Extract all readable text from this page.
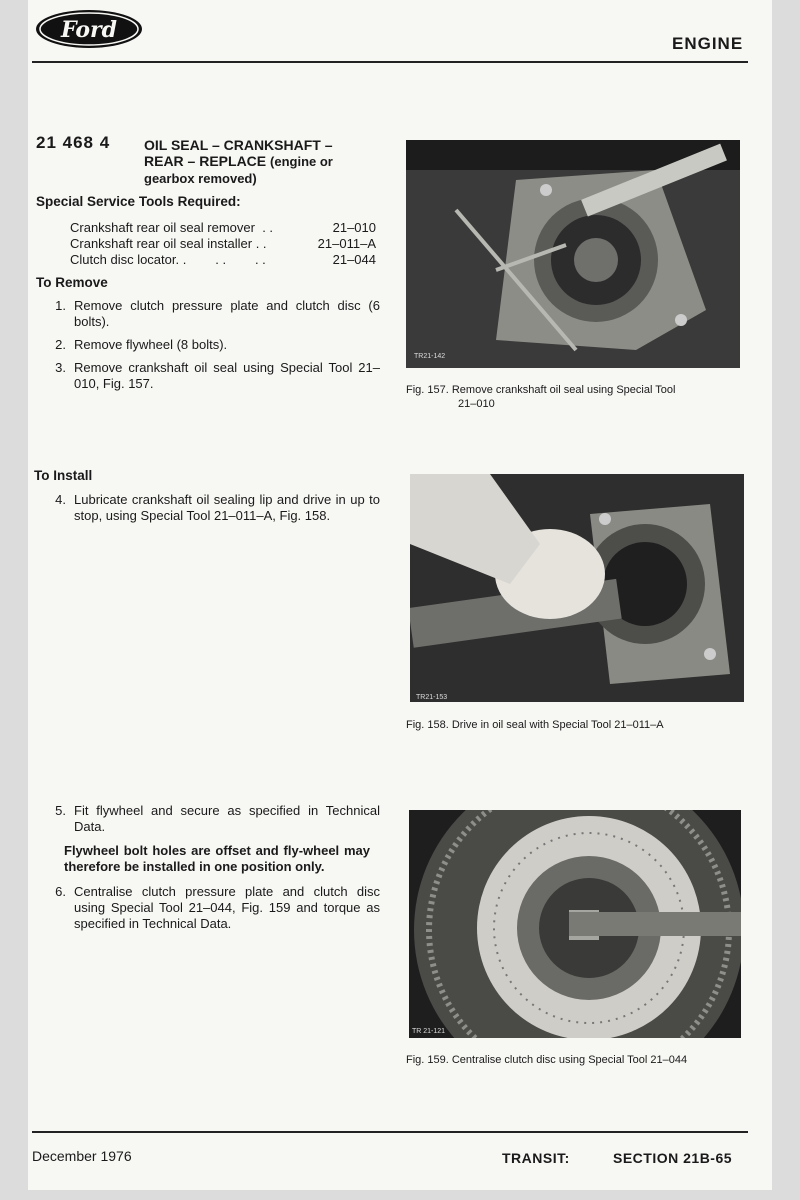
Ford
ENGINE
21 468 4 OIL SEAL – CRANKSHAFT –
REAR – REPLACE (engine or gearbox removed)
Special Service Tools Required:
Crankshaft rear oil seal remover  . .	21–010
Crankshaft rear oil seal installer . .	21–011–A
Clutch disc locator. .        . .        . .	21–044
To Remove
1. Remove clutch pressure plate and clutch disc (6 bolts).
2. Remove flywheel (8 bolts).
3. Remove crankshaft oil seal using Special Tool 21–010, Fig. 157.
To Install
4. Lubricate crankshaft oil sealing lip and drive in up to stop, using Special Tool 21–011–A, Fig. 158.
5. Fit flywheel and secure as specified in Technical Data.
Flywheel bolt holes are offset and fly-wheel may therefore be installed in one position only.
6. Centralise clutch pressure plate and clutch disc using Special Tool 21–044, Fig. 159 and torque as specified in Technical Data.
TR21-142
Fig. 157. Remove crankshaft oil seal using Special Tool
21–010
TR21-153
Fig. 158. Drive in oil seal with Special Tool 21–011–A
TR 21-121
Fig. 159. Centralise clutch disc using Special Tool 21–044
December 1976	TRANSIT:	SECTION 21B-65
